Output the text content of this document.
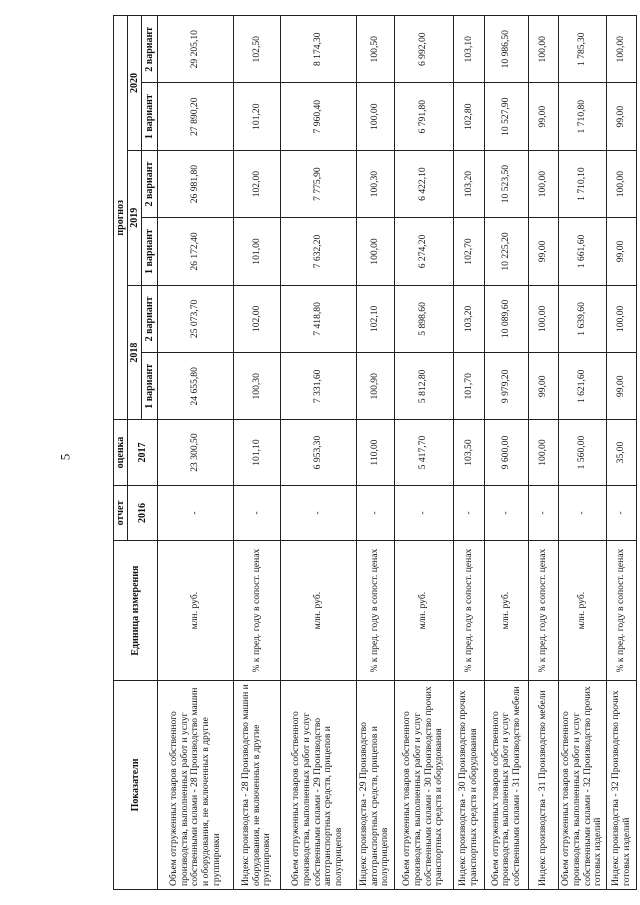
5
Показатели	Единица измерения	отчет	оценка	прогноз					
		2016	2017	2018		2019		2020	
				1 вариант	2 вариант	1 вариант	2 вариант	1 вариант	2 вариант

Объем отгруженных товаров собственного производства, выполненных работ и услуг собственными силами - 28 Производство машин и оборудования, не включенных в другие группировки	млн. руб.	-	23 300,50	24 655,80	25 073,70	26 172,40	26 981,80	27 890,20	29 205,10
Индекс производства - 28 Производство машин и оборудования, не включенных в другие группировки	% к пред. году в сопост. ценах	-	101,10	100,30	102,00	101,00	102,00	101,20	102,50
Объем отгруженных товаров собственного производства, выполненных работ и услуг собственными силами - 29 Производство автотранспортных средств, прицепов и полуприцепов	млн. руб.	-	6 953,30	7 331,60	7 418,80	7 632,20	7 775,90	7 960,40	8 174,30
Индекс производства - 29 Производство автотранспортных средств, прицепов и полуприцепов	% к пред. году в сопост. ценах	-	110,00	100,90	102,10	100,00	100,30	100,00	100,50
Объем отгруженных товаров собственного производства, выполненных работ и услуг собственными силами - 30 Производство прочих транспортных средств и оборудования	млн. руб.	-	5 417,70	5 812,80	5 898,60	6 274,20	6 422,10	6 791,80	6 992,00
Индекс производства - 30 Производство прочих транспортных средств и оборудования	% к пред. году в сопост. ценах	-	103,50	101,70	103,20	102,70	103,20	102,80	103,10
Объем отгруженных товаров собственного производства, выполненных работ и услуг собственными силами - 31 Производство мебели	млн. руб.	-	9 600,00	9 979,20	10 089,60	10 225,20	10 523,50	10 527,90	10 986,50
Индекс производства - 31 Производство мебели	% к пред. году в сопост. ценах	-	100,00	99,00	100,00	99,00	100,00	99,00	100,00
Объем отгруженных товаров собственного производства, выполненных работ и услуг собственными силами - 32 Производство прочих готовых изделий	млн. руб.	-	1 560,00	1 621,60	1 639,60	1 661,60	1 710,10	1 710,80	1 785,30
Индекс производства - 32 Производство прочих готовых изделий	% к пред. году в сопост. ценах	-	35,00	99,00	100,00	99,00	100,00	99,00	100,00
